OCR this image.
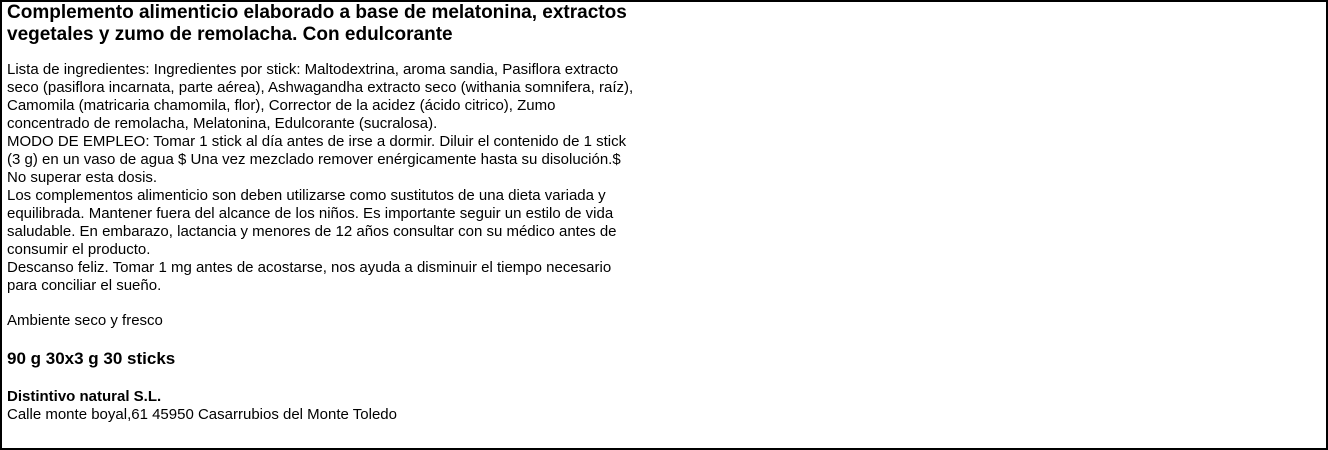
Complemento alimenticio elaborado a base de melatonina, extractos
vegetales y zumo de remolacha. Con edulcorante
Lista de ingredientes: Ingredientes por stick: Maltodextrina, aroma sandia, Pasiflora extracto
seco (pasiflora incarnata, parte aérea), Ashwagandha extracto seco (withania somnifera, raíz),
Camomila (matricaria chamomila, flor), Corrector de la acidez (ácido citrico), Zumo
concentrado de remolacha, Melatonina, Edulcorante (sucralosa).
MODO DE EMPLEO: Tomar 1 stick al día antes de irse a dormir. Diluir el contenido de 1 stick
(3 g) en un vaso de agua $ Una vez mezclado remover enérgicamente hasta su disolución.$
No superar esta dosis.
Los complementos alimenticio son deben utilizarse como sustitutos de una dieta variada y
equilibrada. Mantener fuera del alcance de los niños. Es importante seguir un estilo de vida
saludable. En embarazo, lactancia y menores de 12 años consultar con su médico antes de
consumir el producto.
Descanso feliz. Tomar 1 mg antes de acostarse, nos ayuda a disminuir el tiempo necesario
para conciliar el sueño.
Ambiente seco y fresco
90 g 30x3 g 30 sticks
Distintivo natural S.L.
Calle monte boyal,61 45950 Casarrubios del Monte Toledo
